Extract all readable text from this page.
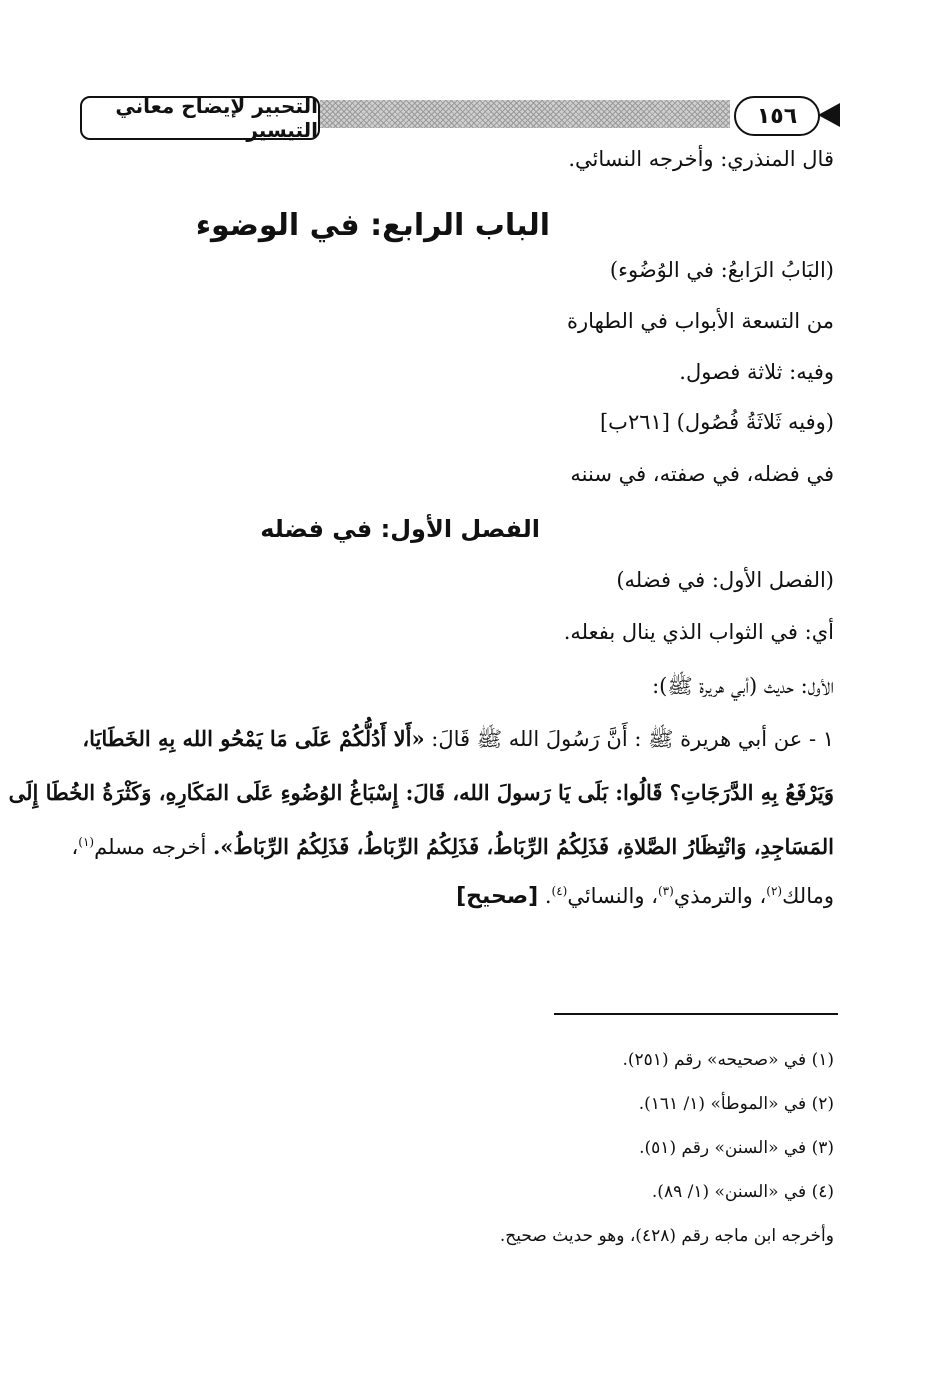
التحبير لإيضاح معاني التيسير
١٥٦
قال المنذري: وأخرجه النسائي.
الباب الرابع: في الوضوء
(البَابُ الرَابعُ: في الوُضُوء)
من التسعة الأبواب في الطهارة
وفيه: ثلاثة فصول.
(وفيه ثَلاثَةُ فُصُول) [٢٦١ب]
في فضله، في صفته، في سننه
الفصل الأول: في فضله
(الفصل الأول: في فضله)
أي: في الثواب الذي ينال بفعله.
الأول: حديث (أبي هريرة ﷺ):
١ - عن أبي هريرة ﷺ : أَنَّ رَسُولَ الله ﷺ قَالَ: «أَلا أَدُلُّكُمْ عَلَى مَا يَمْحُو الله بِهِ الخَطَايَا،
وَيَرْفَعُ بِهِ الدَّرَجَاتِ؟ قَالُوا: بَلَى يَا رَسولَ الله، قَالَ: إِسْبَاغُ الوُضُوءِ عَلَى المَكَارِهِ، وَكَثْرَةُ الخُطَا إِلَى
المَسَاجِدِ، وَانْتِظَارُ الصَّلاةِ، فَذَلِكُمُ الرِّبَاطُ، فَذَلِكُمُ الرِّبَاطُ، فَذَلِكُمُ الرِّبَاطُ». أخرجه مسلم$^{(١)}$،
ومالك$^{(٢)}$، والترمذي$^{(٣)}$، والنسائي$^{(٤)}$. [صحيح]
(١) في «صحيحه» رقم (٢٥١).
(٢) في «الموطأ» (١/ ١٦١).
(٣) في «السنن» رقم (٥١).
(٤) في «السنن» (١/ ٨٩).
وأخرجه ابن ماجه رقم (٤٢٨)، وهو حديث صحيح.
